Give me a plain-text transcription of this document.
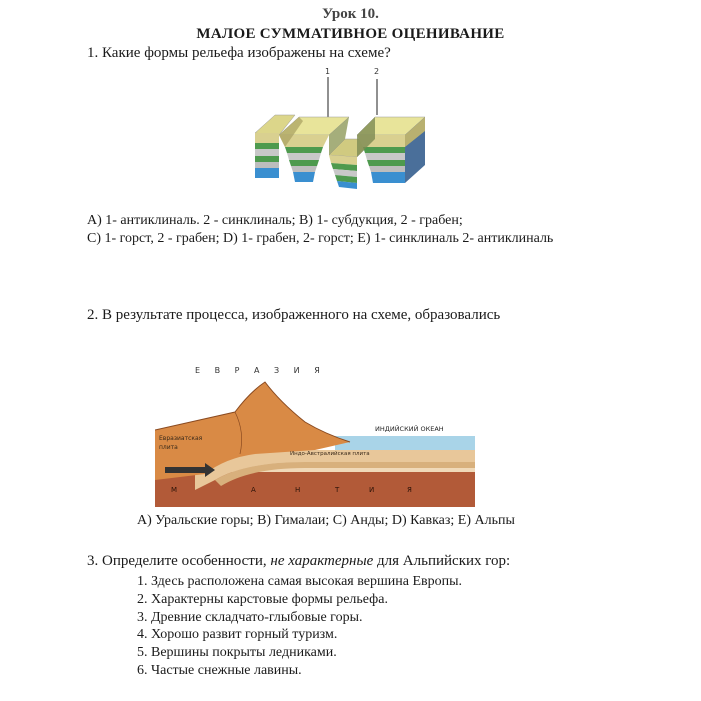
Урок 10.
МАЛОЕ СУММАТИВНОЕ ОЦЕНИВАНИЕ
1. Какие формы рельефа изображены на схеме?
1	2
A) 1- антиклиналь. 2 - синклиналь; B) 1- субдукция, 2 - грабен;
C) 1- горст, 2 - грабен; D) 1- грабен, 2- горст; E) 1- синклиналь 2- антиклиналь
2. В результате процесса, изображенного на схеме, образовались
Е В Р А З И Я
ИНДИЙСКИЙ ОКЕАН
Евразиатская
плита
Индо-Австралийская плита
М	А	Н	Т	И	Я
A) Уральские горы; B) Гималаи; C) Анды; D) Кавказ; E) Альпы
3. Определите особенности, не характерные для Альпийских гор:
1. Здесь расположена самая высокая вершина Европы.
2. Характерны карстовые формы рельефа.
3. Древние складчато-глыбовые горы.
4. Хорошо развит горный туризм.
5. Вершины покрыты ледниками.
6. Частые снежные лавины.
